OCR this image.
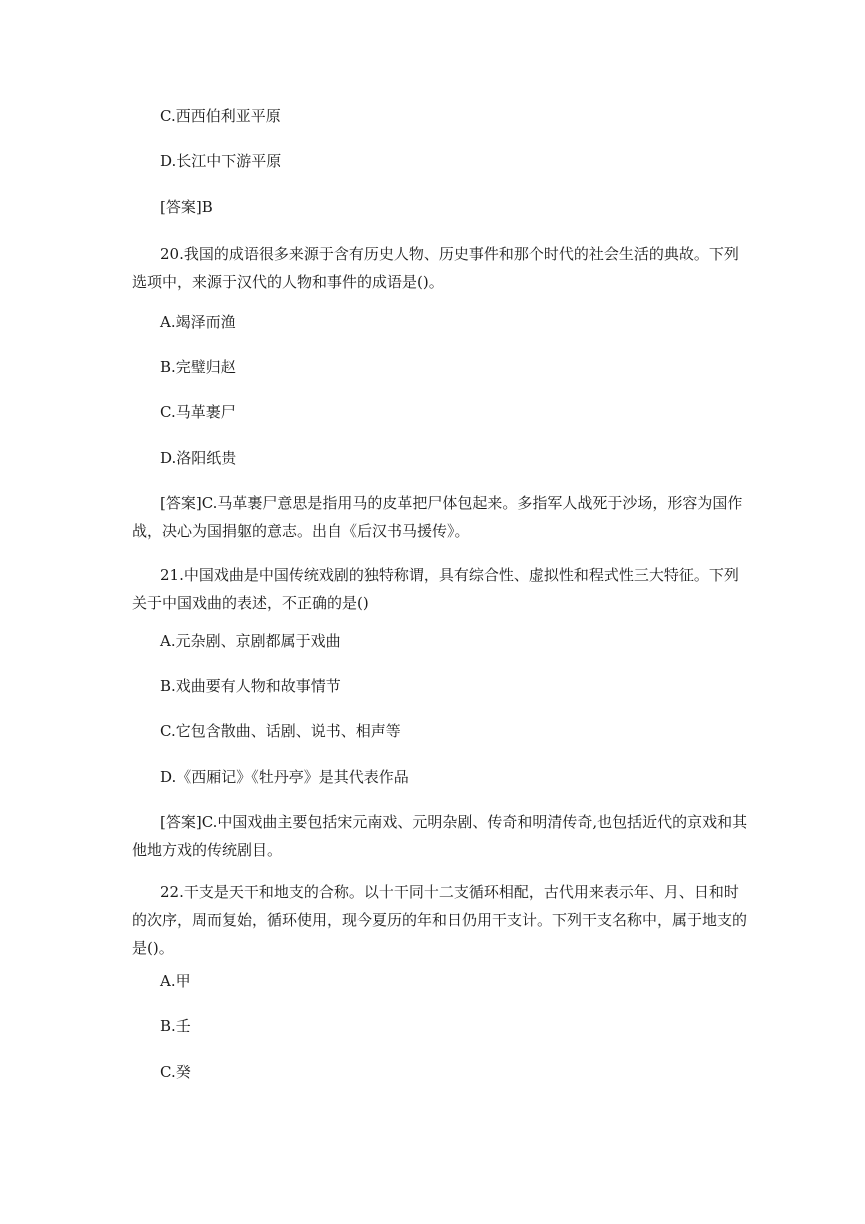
C.西西伯利亚平原
D.长江中下游平原
[答案]B
20.我国的成语很多来源于含有历史人物、历史事件和那个时代的社会生活的典故。下列选项中，来源于汉代的人物和事件的成语是()。
A.竭泽而渔
B.完璧归赵
C.马革裹尸
D.洛阳纸贵
[答案]C.马革裹尸意思是指用马的皮革把尸体包起来。多指军人战死于沙场，形容为国作战，决心为国捐躯的意志。出自《后汉书马援传》。
21.中国戏曲是中国传统戏剧的独特称谓，具有综合性、虚拟性和程式性三大特征。下列关于中国戏曲的表述，不正确的是()
A.元杂剧、京剧都属于戏曲
B.戏曲要有人物和故事情节
C.它包含散曲、话剧、说书、相声等
D.《西厢记》《牡丹亭》是其代表作品
[答案]C.中国戏曲主要包括宋元南戏、元明杂剧、传奇和明清传奇,也包括近代的京戏和其他地方戏的传统剧目。
22.干支是天干和地支的合称。以十干同十二支循环相配，古代用来表示年、月、日和时的次序，周而复始，循环使用，现今夏历的年和日仍用干支计。下列干支名称中，属于地支的是()。
A.甲
B.壬
C.癸
